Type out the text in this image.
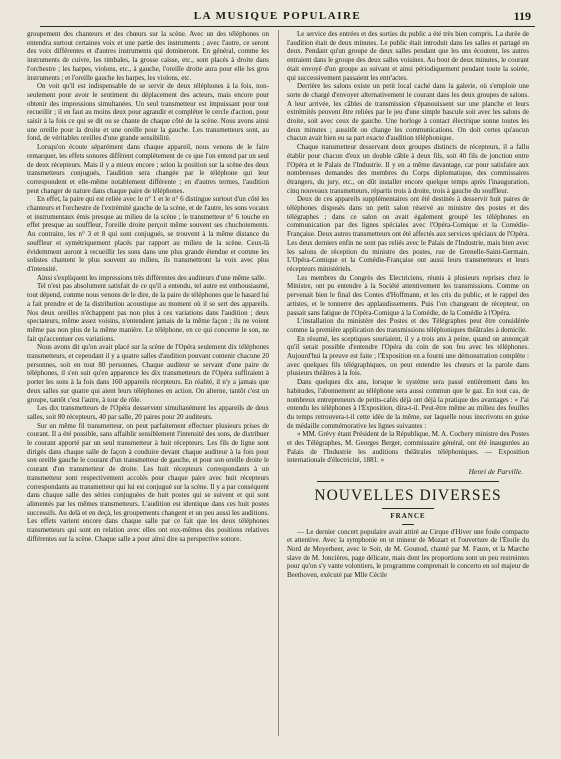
LA MUSIQUE POPULAIRE	119

groupement des chanteurs et des chœurs sur la scène. Avec un des téléphones on entendra surtout certaines voix et une partie des instruments ; avec l'autre, ce seront des voix différentes et d'autres instruments qui domineront. En général, comme les instruments de cuivre, les timbales, la grosse caisse, etc., sont placés à droite dans l'orchestre ; les harpes, violons, etc., à gauche, l'oreille droite aura pour elle les gros instruments ; et l'oreille gauche les harpes, les violons, etc.

On voit qu'il est indispensable de se servir de deux téléphones à la fois, non-seulement pour avoir le sentiment du déplacement des acteurs, mais encore pour obtenir des impressions simultanées. Un seul transmetteur est impuissant pour tout recueillir ; il en faut au moins deux pour agrandir et compléter le cercle d'action, pour saisir à la fois ce qui se dit ou se chante de chaque côté de la scène. Nous avons ainsi une oreille pour la droite et une oreille pour la gauche. Les transmetteurs sont, au fond, de véritables oreilles d'une grande sensibilité.

Lorsqu'on écoute séparément dans chaque appareil, nous venons de le faire remarquer, les effets sonores diffèrent complètement de ce que l'on entend par un seul de deux récepteurs. Mais il y a mieux encore ; selon la position sur la scène des deux transmetteurs conjugués, l'audition sera changée par le téléphone qui leur correspondent et elle-même notablement différente ; en d'autres termes, l'audition peut changer de nature dans chaque paire de téléphones.

En effet, la paire qui est reliée avec le n° 1 et le n° 6 distingue surtout d'un côté les chanteurs et l'orchestre de l'extrémité gauche de la scène, et de l'autre, les sons vocaux et instrumentaux émis presque au milieu de la scène ; le transmetteur n° 6 touche en effet presque au souffleur, l'oreille droite perçoit même souvent ses chuchotements. Au contraire, les n° 3 et 8 qui sont conjugués, se trouvent à la même distance du souffleur et symétriquement placés par rapport au milieu de la scène. Ceux-là évidemment auront à recueillir les sons dans une plus grande étendue et comme les solistes chantent le plus souvent au milieu, ils transmettront la voix avec plus d'intensité.

Ainsi s'expliquent les impressions très différentes des auditeurs d'une même salle.

Tel n'est pas absolument satisfait de ce qu'il a entendu, tel autre est enthousiasmé, tout dépend, comme nous venons de le dire, de la paire de téléphones que le hasard lui a fait prendre et de la distribution acoustique au moment où il se sert des appareils. Nos deux oreilles n'échappent pas non plus à ces variations dans l'audition ; deux spectateurs, même assez voisins, n'entendent jamais de la même façon ; ils ne voient même pas non plus de la même manière. Le téléphone, en ce qui concerne le son, ne fait qu'accentuer ces variations.

Nous avons dit qu'on avait placé sur la scène de l'Opéra seulement dix téléphones transmetteurs, et cependant il y a quatre salles d'audition pouvant contenir chacune 20 personnes, soit en tout 80 personnes. Chaque auditeur se servant d'une paire de téléphones, il s'en suit qu'en apparence les dix transmetteurs de l'Opéra suffiraient à porter les sons à la fois dans 160 appareils récepteurs. En réalité, il n'y a jamais que deux salles sur quatre qui aient leurs téléphones en action. On alterne, tantôt c'est un groupe, tantôt c'est l'autre, à tour de rôle.

Les dix transmetteurs de l'Opéra desservent simultanément les appareils de deux salles, soit 80 récepteurs, 40 par salle, 20 paires pour 20 auditeurs.

Sur un même fil transmetteur, on peut parfaitement effectuer plusieurs prises de courant. Il a été possible, sans affaiblir sensiblement l'intensité des sons, de distribuer le courant apporté par un seul transmetteur à huit récepteurs. Les fils de ligne sont dirigés dans chaque salle de façon à conduire devant chaque auditeur à la fois pour son oreille gauche le courant d'un transmetteur de gauche, et pour son oreille droite le courant d'un transmetteur de droite. Les huit récepteurs correspondants à un transmetteur sont respectivement accolés pour chaque paire avec huit récepteurs correspondants au transmetteur qui lui est conjugué sur la scène. Il y a par conséquent dans chaque salle des séries conjuguées de huit postes qui se suivent et qui sont alimentés par les mêmes transmetteurs. L'audition est identique dans ces huit postes successifs. Au delà et en deçà, les groupements changent et un peu aussi les auditions. Les effets varient encore dans chaque salle par ce fait que les deux téléphones transmetteurs qui sont en relation avec elles ont eux-mêmes des positions relatives différentes sur la scène. Chaque salle a pour ainsi dire sa perspective sonore.

Le service des entrées et des sorties du public a été très bien compris. La durée de l'audition était de deux minutes. Le public était introduit dans les salles et partagé en deux. Pendant qu'un groupe de deux salles pendant que les uns écoutent, les autres entraient dans le groupe des deux salles voisines. Au bout de deux minutes, le courant était envoyé d'un groupe au suivant et ainsi périodiquement pendant toute la soirée, qui successivement passaient les entr'actes.

Derrière les salons existe un petit local caché dans la galerie, où s'emploie une sorte de chargé d'envoyer alternativement le courant dans les deux groupes de salons. A leur arrivée, les câbles de transmission s'épanouissent sur une planche et leurs extrémités peuvent être reliées par le jeu d'une simple bascule soit avec les salons de droite, soit avec ceux de gauche. Une horloge à contact électrique sonne toutes les deux minutes ; aussitôt on change les communications. On doit certes qu'aucun chacun avait bien eu sa part exacte d'audition téléphonique.

Chaque transmetteur desservant deux groupes distincts de récepteurs, il a fallu établir pour chacun d'eux un double câble à deux fils, soit 40 fils de jonction entre l'Opéra et le Palais de l'Industrie. Il y en a même davantage, car pour satisfaire aux nombreuses demandes des membres du Corps diplomatique, des commissaires étrangers, du jury, etc., on dût installer encore quelque temps après l'inauguration, cinq nouveaux transmetteurs, répartis trois à droite, trois à gauche du souffleur.

Deux de ces appareils supplémentaires ont été destinés à desservir huit paires de téléphones disposés dans un petit salon réservé au ministre des postes et des télégraphes ; dans ce salon on avait également groupé les téléphones en communication par des lignes spéciales avec l'Opéra-Comique et la Comédie-Française. Deux autres transmetteurs ont été affectés aux services spéciaux de l'Opéra. Les deux derniers enfin ne sont pas reliés avec le Palais de l'Industrie, mais bien avec les salons de réception du ministre des postes, rue de Grenelle-Saint-Germain. L'Opéra-Comique et la Comédie-Française ont aussi leurs transmetteurs et leurs récepteurs ministériels.

Les membres du Congrès des Electriciens, réunis à plusieurs reprises chez le Ministre, ont pu entendre à la Société attentivement les transmissions. Comme on pervenait bien le final des Contes d'Hoffmann, et les cris du public, et le rappel des artistes, et le tonnerre des applaudissements. Puis l'on changeant de récepteur, on passait sans fatigue de l'Opéra-Comique à la Comédie, de la Comédie à l'Opéra.

L'installation du ministère des Postes et des Télégraphes peut être considérée comme la première application des transmissions téléphoniques théâtrales à domicile.

En résumé, les sceptiques souriaient, il y a trois ans à peine, quand on annonçait qu'il serait possible d'entendre l'Opéra du coin de son feu avec les téléphones. Aujourd'hui la preuve est faite ; l'Exposition en a fourni une démonstration complète : avec quelques fils télégraphiques, on peut entendre les chœurs et la parole dans plusieurs théâtres à la fois.

Dans quelques dix ans, lorsque le système sera passé entièrement dans les habitudes, l'abonnement au téléphone sera aussi commun que le gaz. En tout cas, de nombreux entrepreneurs de petits-cafés déjà ont déjà la pratique des avantages : « J'ai entendu les téléphones à l'Exposition, dira-t-il. Peut-être même au milieu des feuilles du temps retrouvera-t-il cette idée de la même, sur laquelle nous inscrivons en guise de médaille commémorative les lignes suivantes :

« MM. Grévy étant Président de la République, M. A. Cochery ministre des Postes et des Télégraphes, M. Georges Berger, commissaire général, ont été inaugurées au Palais de l'Industrie les auditions théâtrales téléphoniques. — Exposition internationale d'électricité, 1881. »

Henri de Parville.
NOUVELLES DIVERSES
FRANCE

— Le dernier concert populaire avait attiré au Cirque d'Hiver une foule compacte et attentive. Avec la symphonie en ut mineur de Mozart et l'ouverture de l'Étoile du Nord de Meyerbeer, avec le Soir, de M. Gounod, chanté par M. Faure, et la Marche slave de M. Joncières, page délicate, mais dont les proportions sont un peu restreintes pour qu'on s'y vante volontiers, le programme comprenait le concerto en sol majeur de Beethoven, exécuté par Mlle Cécile
